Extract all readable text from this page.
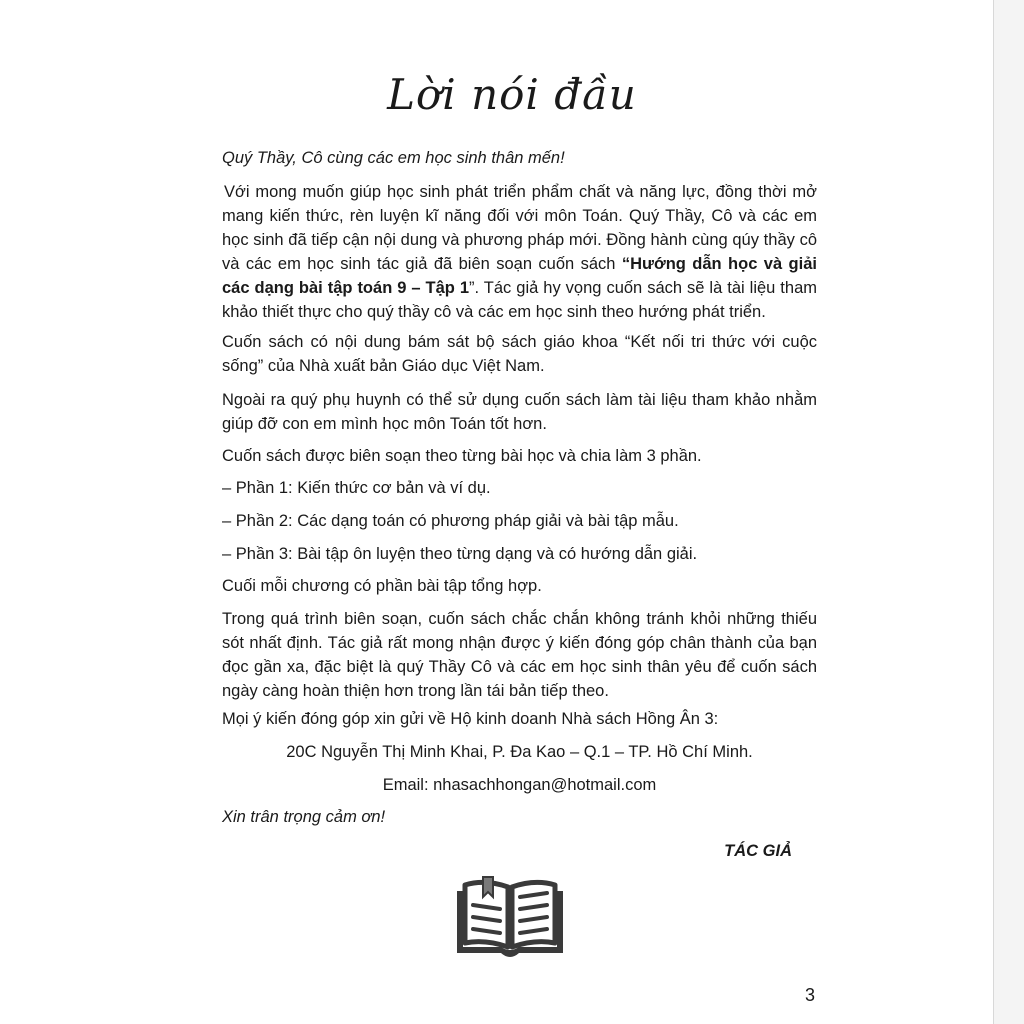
Lời nói đầu

Quý Thầy, Cô cùng các em học sinh thân mến!

Với mong muốn giúp học sinh phát triển phẩm chất và năng lực, đồng thời mở mang kiến thức, rèn luyện kĩ năng đối với môn Toán. Quý Thầy, Cô và các em học sinh đã tiếp cận nội dung và phương pháp mới. Đồng hành cùng qúy thầy cô và các em học sinh tác giả đã biên soạn cuốn sách “Hướng dẫn học và giải các dạng bài tập toán 9 – Tập 1”. Tác giả hy vọng cuốn sách sẽ là tài liệu tham khảo thiết thực cho quý thầy cô và các em học sinh theo hướng phát triển.

Cuốn sách có nội dung bám sát bộ sách giáo khoa “Kết nối tri thức với cuộc sống” của Nhà xuất bản Giáo dục Việt Nam.

Ngoài ra quý phụ huynh có thể sử dụng cuốn sách làm tài liệu tham khảo nhằm giúp đỡ con em mình học môn Toán tốt hơn.

Cuốn sách được biên soạn theo từng bài học và chia làm 3 phần.

– Phần 1: Kiến thức cơ bản và ví dụ.

– Phần 2: Các dạng toán có phương pháp giải và bài tập mẫu.

– Phần 3: Bài tập ôn luyện theo từng dạng và có hướng dẫn giải.

Cuối mỗi chương có phần bài tập tổng hợp.

Trong quá trình biên soạn, cuốn sách chắc chắn không tránh khỏi những thiếu sót nhất định. Tác giả rất mong nhận được ý kiến đóng góp chân thành của bạn đọc gần xa, đặc biệt là quý Thầy Cô và các em học sinh thân yêu để cuốn sách ngày càng hoàn thiện hơn trong lần tái bản tiếp theo.

Mọi ý kiến đóng góp xin gửi về Hộ kinh doanh Nhà sách Hồng Ân 3:

20C Nguyễn Thị Minh Khai, P. Đa Kao – Q.1 – TP. Hồ Chí Minh.

Email: nhasachhongan@hotmail.com

Xin trân trọng cảm ơn!

TÁC GIẢ
3
